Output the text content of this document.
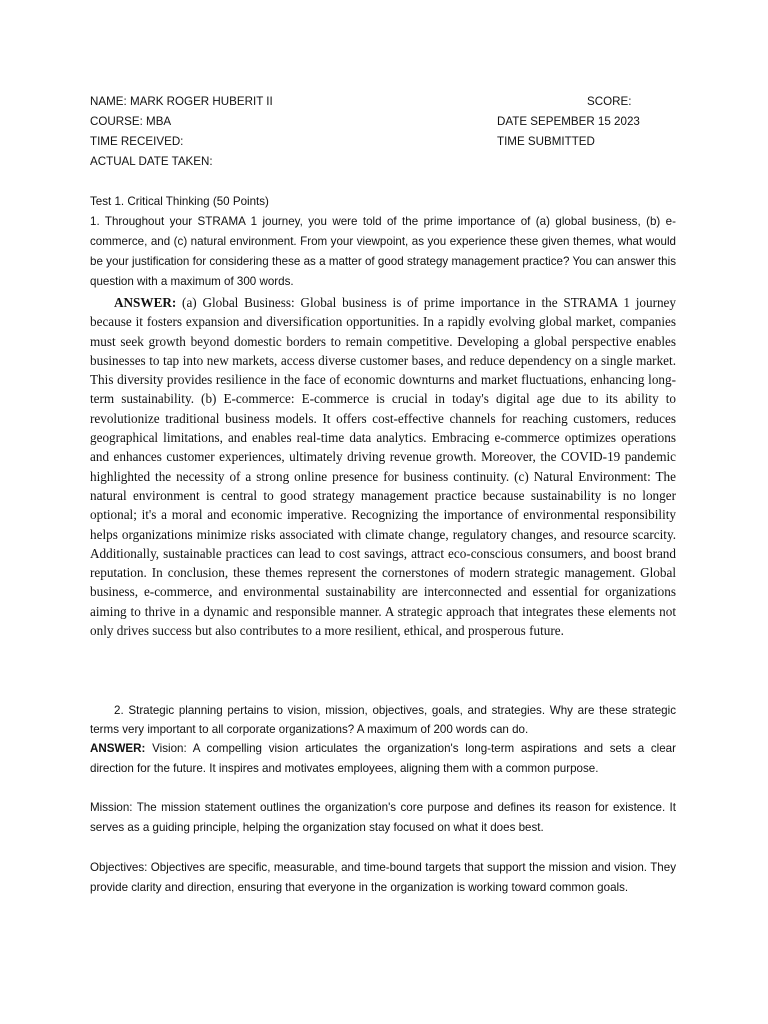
NAME: MARK ROGER HUBERIT II	SCORE:
COURSE: MBA	DATE SEPEMBER 15 2023
TIME RECEIVED:	TIME SUBMITTED
ACTUAL DATE TAKEN:
Test 1. Critical Thinking (50 Points)

1. Throughout your STRAMA 1 journey, you were told of the prime importance of (a) global business, (b) e-commerce, and (c) natural environment. From your viewpoint, as you experience these given themes, what would be your justification for considering these as a matter of good strategy management practice? You can answer this question with a maximum of 300 words.

ANSWER: (a) Global Business: Global business is of prime importance in the STRAMA 1 journey because it fosters expansion and diversification opportunities. In a rapidly evolving global market, companies must seek growth beyond domestic borders to remain competitive. Developing a global perspective enables businesses to tap into new markets, access diverse customer bases, and reduce dependency on a single market. This diversity provides resilience in the face of economic downturns and market fluctuations, enhancing long-term sustainability. (b) E-commerce: E-commerce is crucial in today's digital age due to its ability to revolutionize traditional business models. It offers cost-effective channels for reaching customers, reduces geographical limitations, and enables real-time data analytics. Embracing e-commerce optimizes operations and enhances customer experiences, ultimately driving revenue growth. Moreover, the COVID-19 pandemic highlighted the necessity of a strong online presence for business continuity. (c) Natural Environment: The natural environment is central to good strategy management practice because sustainability is no longer optional; it's a moral and economic imperative. Recognizing the importance of environmental responsibility helps organizations minimize risks associated with climate change, regulatory changes, and resource scarcity. Additionally, sustainable practices can lead to cost savings, attract eco-conscious consumers, and boost brand reputation. In conclusion, these themes represent the cornerstones of modern strategic management. Global business, e-commerce, and environmental sustainability are interconnected and essential for organizations aiming to thrive in a dynamic and responsible manner. A strategic approach that integrates these elements not only drives success but also contributes to a more resilient, ethical, and prosperous future.

2. Strategic planning pertains to vision, mission, objectives, goals, and strategies. Why are these strategic terms very important to all corporate organizations? A maximum of 200 words can do.

ANSWER: Vision: A compelling vision articulates the organization's long-term aspirations and sets a clear direction for the future. It inspires and motivates employees, aligning them with a common purpose.

Mission: The mission statement outlines the organization's core purpose and defines its reason for existence. It serves as a guiding principle, helping the organization stay focused on what it does best.

Objectives: Objectives are specific, measurable, and time-bound targets that support the mission and vision. They provide clarity and direction, ensuring that everyone in the organization is working toward common goals.
